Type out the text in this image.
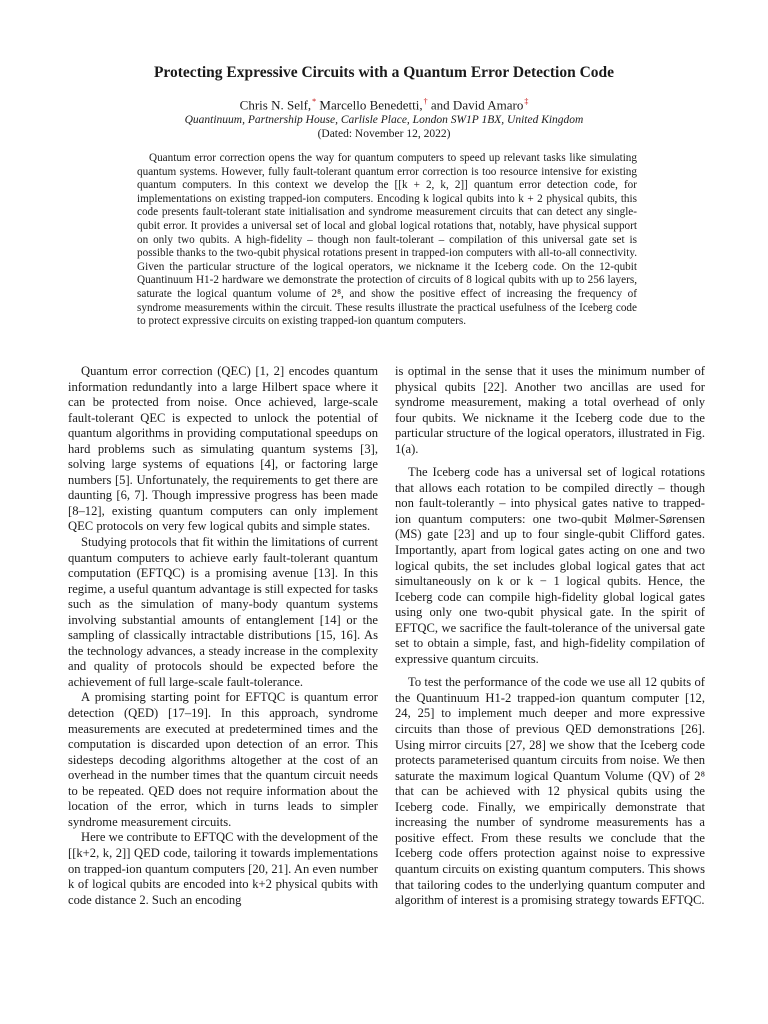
Protecting Expressive Circuits with a Quantum Error Detection Code
Chris N. Self,* Marcello Benedetti,† and David Amaro‡
Quantinuum, Partnership House, Carlisle Place, London SW1P 1BX, United Kingdom
(Dated: November 12, 2022)

Quantum error correction opens the way for quantum computers to speed up relevant tasks like simulating quantum systems. However, fully fault-tolerant quantum error correction is too resource intensive for existing quantum computers. In this context we develop the [[k + 2, k, 2]] quantum error detection code, for implementations on existing trapped-ion computers. Encoding k logical qubits into k + 2 physical qubits, this code presents fault-tolerant state initialisation and syndrome measurement circuits that can detect any single-qubit error. It provides a universal set of local and global logical rotations that, notably, have physical support on only two qubits. A high-fidelity – though non fault-tolerant – compilation of this universal gate set is possible thanks to the two-qubit physical rotations present in trapped-ion computers with all-to-all connectivity. Given the particular structure of the logical operators, we nickname it the Iceberg code. On the 12-qubit Quantinuum H1-2 hardware we demonstrate the protection of circuits of 8 logical qubits with up to 256 layers, saturate the logical quantum volume of 2⁸, and show the positive effect of increasing the frequency of syndrome measurements within the circuit. These results illustrate the practical usefulness of the Iceberg code to protect expressive circuits on existing trapped-ion quantum computers.

Quantum error correction (QEC) [1, 2] encodes quantum information redundantly into a large Hilbert space where it can be protected from noise. Once achieved, large-scale fault-tolerant QEC is expected to unlock the potential of quantum algorithms in providing computational speedups on hard problems such as simulating quantum systems [3], solving large systems of equations [4], or factoring large numbers [5]. Unfortunately, the requirements to get there are daunting [6, 7]. Though impressive progress has been made [8–12], existing quantum computers can only implement QEC protocols on very few logical qubits and simple states.

Studying protocols that fit within the limitations of current quantum computers to achieve early fault-tolerant quantum computation (EFTQC) is a promising avenue [13]. In this regime, a useful quantum advantage is still expected for tasks such as the simulation of many-body quantum systems involving substantial amounts of entanglement [14] or the sampling of classically intractable distributions [15, 16]. As the technology advances, a steady increase in the complexity and quality of protocols should be expected before the achievement of full large-scale fault-tolerance.

A promising starting point for EFTQC is quantum error detection (QED) [17–19]. In this approach, syndrome measurements are executed at predetermined times and the computation is discarded upon detection of an error. This sidesteps decoding algorithms altogether at the cost of an overhead in the number times that the quantum circuit needs to be repeated. QED does not require information about the location of the error, which in turns leads to simpler syndrome measurement circuits.

Here we contribute to EFTQC with the development of the [[k+2, k, 2]] QED code, tailoring it towards implementations on trapped-ion quantum computers [20, 21]. An even number k of logical qubits are encoded into k+2 physical qubits with code distance 2. Such an encoding

is optimal in the sense that it uses the minimum number of physical qubits [22]. Another two ancillas are used for syndrome measurement, making a total overhead of only four qubits. We nickname it the Iceberg code due to the particular structure of the logical operators, illustrated in Fig. 1(a).

The Iceberg code has a universal set of logical rotations that allows each rotation to be compiled directly – though non fault-tolerantly – into physical gates native to trapped-ion quantum computers: one two-qubit Mølmer-Sørensen (MS) gate [23] and up to four single-qubit Clifford gates. Importantly, apart from logical gates acting on one and two logical qubits, the set includes global logical gates that act simultaneously on k or k − 1 logical qubits. Hence, the Iceberg code can compile high-fidelity global logical gates using only one two-qubit physical gate. In the spirit of EFTQC, we sacrifice the fault-tolerance of the universal gate set to obtain a simple, fast, and high-fidelity compilation of expressive quantum circuits.

To test the performance of the code we use all 12 qubits of the Quantinuum H1-2 trapped-ion quantum computer [12, 24, 25] to implement much deeper and more expressive circuits than those of previous QED demonstrations [26]. Using mirror circuits [27, 28] we show that the Iceberg code protects parameterised quantum circuits from noise. We then saturate the maximum logical Quantum Volume (QV) of 2⁸ that can be achieved with 12 physical qubits using the Iceberg code. Finally, we empirically demonstrate that increasing the number of syndrome measurements has a positive effect. From these results we conclude that the Iceberg code offers protection against noise to expressive quantum circuits on existing quantum computers. This shows that tailoring codes to the underlying quantum computer and algorithm of interest is a promising strategy towards EFTQC.
